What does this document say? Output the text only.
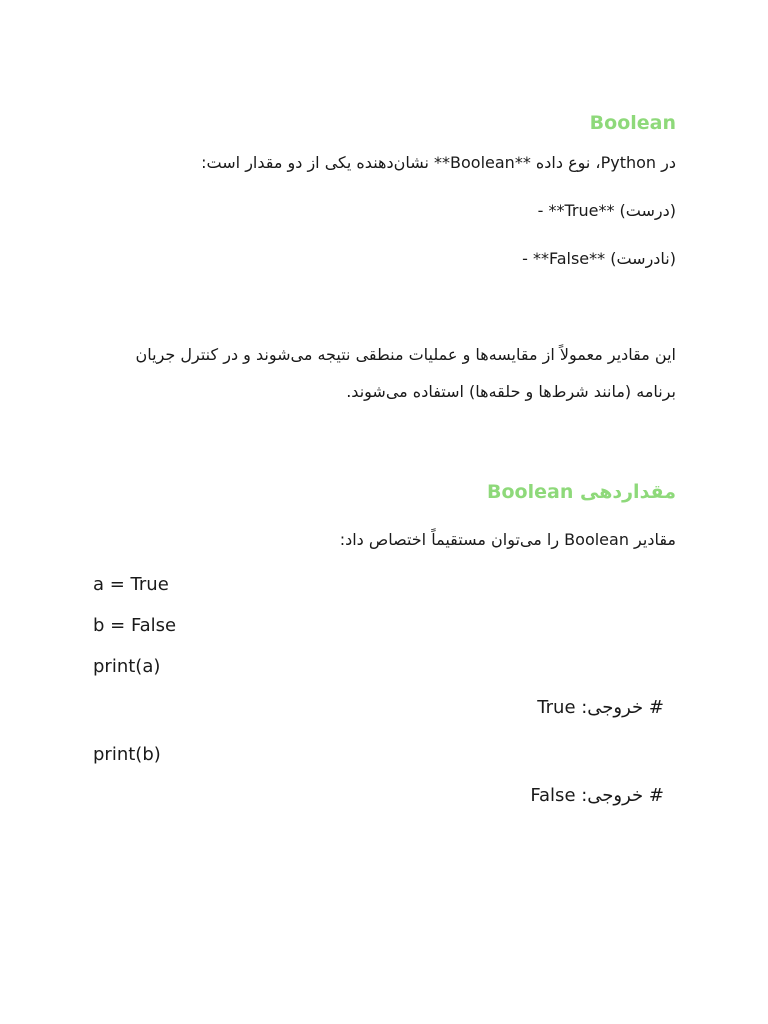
Boolean
در Python، نوع داده **Boolean** نشان‌دهنده یکی از دو مقدار است:
- **True** (درست)
- **False** (نادرست)
این مقادیر معمولاً از مقایسه‌ها و عملیات منطقی نتیجه می‌شوند و در کنترل جریان برنامه (مانند شرط‌ها و حلقه‌ها) استفاده می‌شوند.
مقداردهی Boolean
مقادیر Boolean را می‌توان مستقیماً اختصاص داد:
a = True
b = False
print(a)
# خروجی: True
print(b)
# خروجی: False
